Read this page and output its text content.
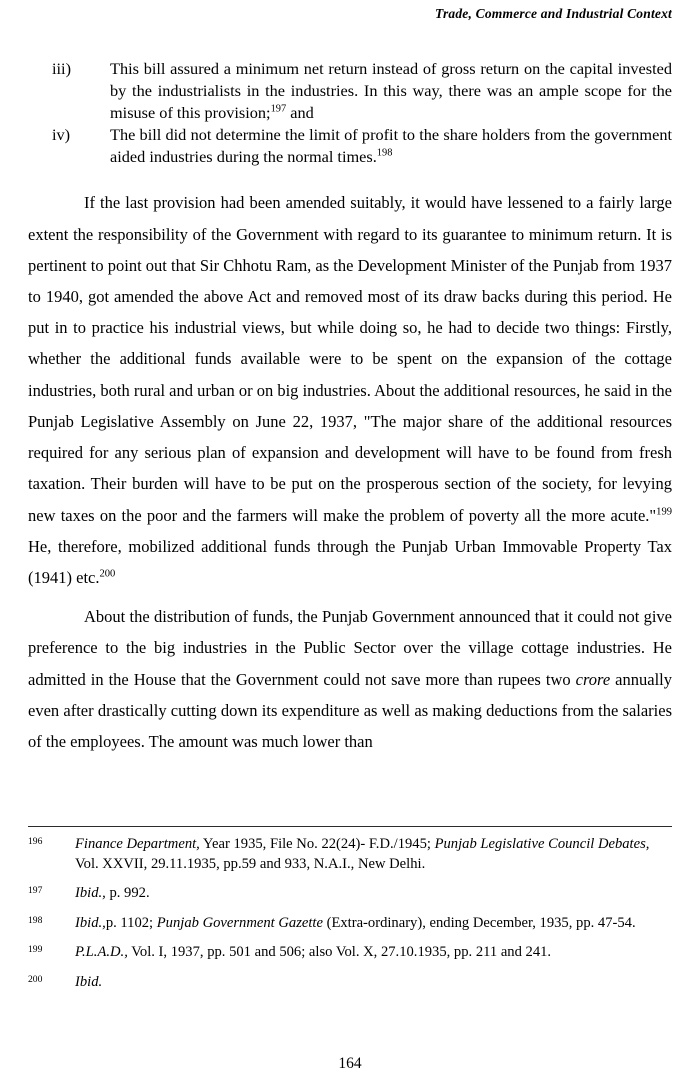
Trade, Commerce and Industrial Context
iii)	This bill assured a minimum net return instead of gross return on the capital invested by the industrialists in the industries. In this way, there was an ample scope for the misuse of this provision;$^{197}$ and
iv)	The bill did not determine the limit of profit to the share holders from the government aided industries during the normal times.$^{198}$

If the last provision had been amended suitably, it would have lessened to a fairly large extent the responsibility of the Government with regard to its guarantee to minimum return. It is pertinent to point out that Sir Chhotu Ram, as the Development Minister of the Punjab from 1937 to 1940, got amended the above Act and removed most of its draw backs during this period. He put in to practice his industrial views, but while doing so, he had to decide two things: Firstly, whether the additional funds available were to be spent on the expansion of the cottage industries, both rural and urban or on big industries. About the additional resources, he said in the Punjab Legislative Assembly on June 22, 1937, "The major share of the additional resources required for any serious plan of expansion and development will have to be found from fresh taxation. Their burden will have to be put on the prosperous section of the society, for levying new taxes on the poor and the farmers will make the problem of poverty all the more acute."$^{199}$ He, therefore, mobilized additional funds through the Punjab Urban Immovable Property Tax (1941) etc.$^{200}$

About the distribution of funds, the Punjab Government announced that it could not give preference to the big industries in the Public Sector over the village cottage industries. He admitted in the House that the Government could not save more than rupees two crore annually even after drastically cutting down its expenditure as well as making deductions from the salaries of the employees. The amount was much lower than

196 Finance Department, Year 1935, File No. 22(24)- F.D./1945; Punjab Legislative Council Debates, Vol. XXVII, 29.11.1935, pp.59 and 933, N.A.I., New Delhi.
197 Ibid., p. 992.
198 Ibid.,p. 1102; Punjab Government Gazette (Extra-ordinary), ending December, 1935, pp. 47-54.
199 P.L.A.D., Vol. I, 1937, pp. 501 and 506; also Vol. X, 27.10.1935, pp. 211 and 241.
200 Ibid.
164
